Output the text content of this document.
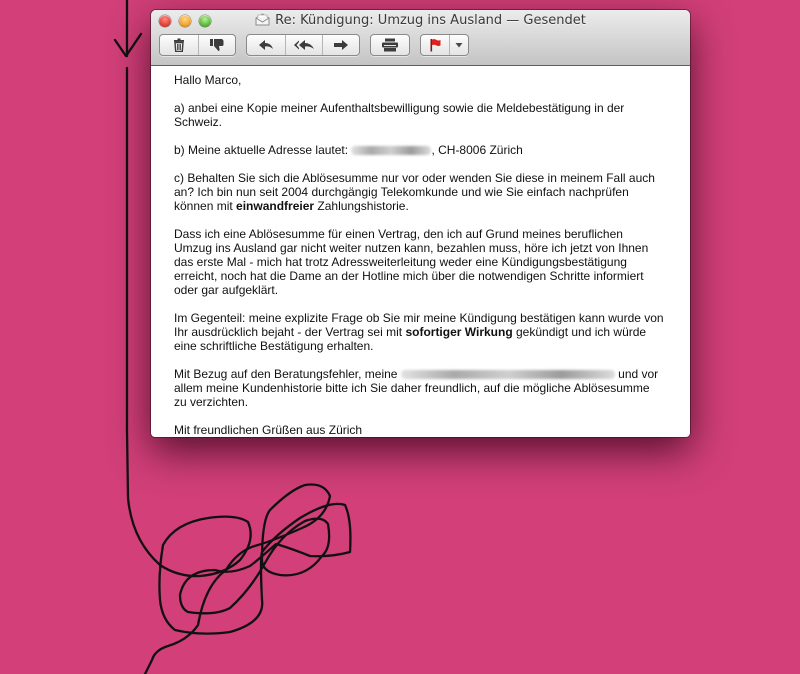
Re: Kündigung: Umzug ins Ausland — Gesendet

Hallo Marco,

a) anbei eine Kopie meiner Aufenthaltsbewilligung sowie die Meldebestätigung in der Schweiz.

b) Meine aktuelle Adresse lautet:	, CH-8006 Zürich

c) Behalten Sie sich die Ablösesumme nur vor oder wenden Sie diese in meinem Fall auch an? Ich bin nun seit 2004 durchgängig Telekomkunde und wie Sie einfach nachprüfen können mit einwandfreier Zahlungshistorie.

Dass ich eine Ablösesumme für einen Vertrag, den ich auf Grund meines beruflichen Umzug ins Ausland gar nicht weiter nutzen kann, bezahlen muss, höre ich jetzt von Ihnen das erste Mal - mich hat trotz Adressweiterleitung weder eine Kündigungsbestätigung erreicht, noch hat die Dame an der Hotline mich über die notwendigen Schritte informiert oder gar aufgeklärt.

Im Gegenteil: meine explizite Frage ob Sie mir meine Kündigung bestätigen kann wurde von Ihr ausdrücklich bejaht - der Vertrag sei mit sofortiger Wirkung gekündigt und ich würde eine schriftliche Bestätigung erhalten.

Mit Bezug auf den Beratungsfehler, meine	und vor allem meine Kundenhistorie bitte ich Sie daher freundlich, auf die mögliche Ablösesumme zu verzichten.

Mit freundlichen Grüßen aus Zürich
